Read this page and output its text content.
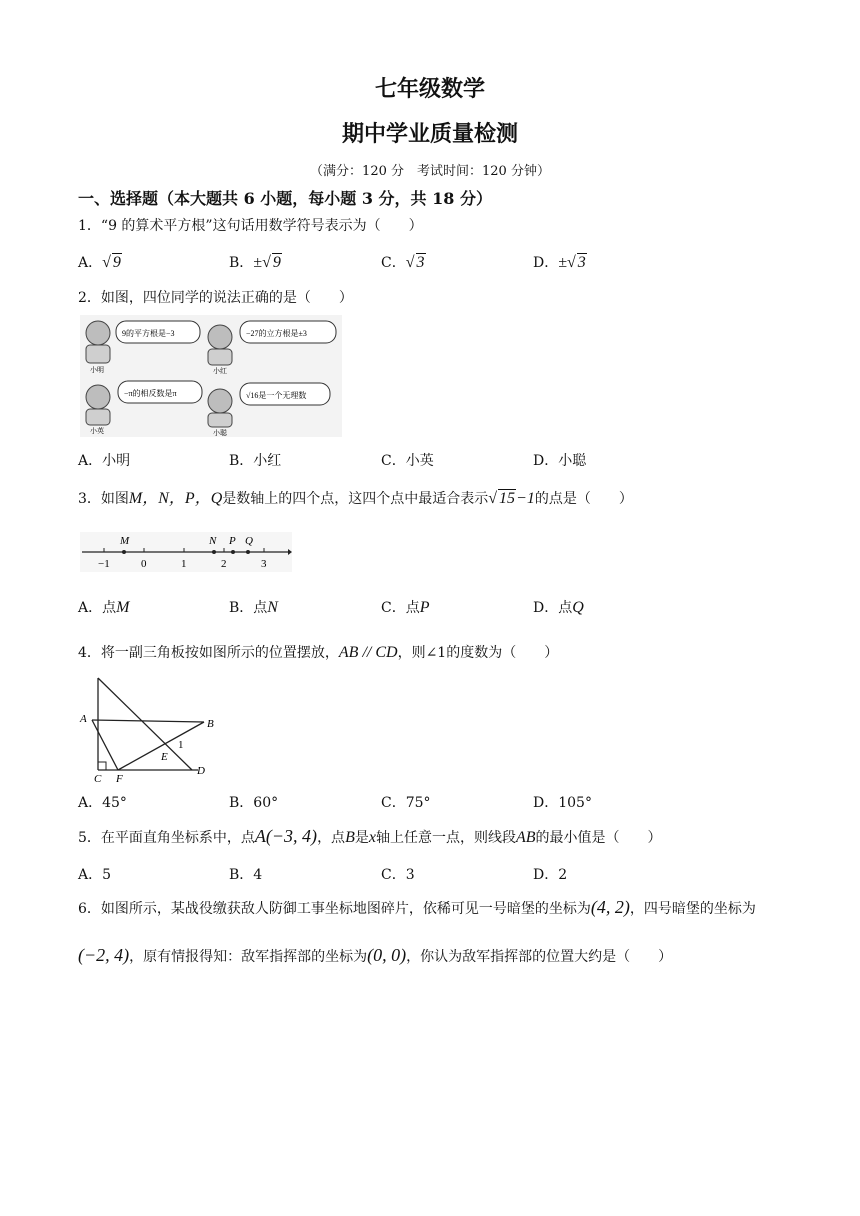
七年级数学
期中学业质量检测
（满分：120 分　考试时间：120 分钟）
一、选择题（本大题共 6 小题，每小题 3 分，共 18 分）
1．“9 的算术平方根”这句话用数学符号表示为（　　）
A．√ 9	B．±√ 9	C．√ 3	D．±√ 3
2．如图，四位同学的说法正确的是（　　）
小明
9的平方根是−3
小红
−27的立方根是±3
小英
−π的相反数是π
小聪
√16是一个无理数
A．小明	B．小红	C．小英	D．小聪
3．如图M，N，P，Q是数轴上的四个点，这四个点中最适合表示√ 15−1的点是（　　）
−1	0	1	2	3
M	N P Q
A．点M	B．点N	C．点P	D．点Q
4．将一副三角板按如图所示的位置摆放，AB // CD，则∠1的度数为（　　）
A	B
C
D
E
F
1
A．45°	B．60°	C．75°	D．105°
5．在平面直角坐标系中，点A(−3, 4)，点B是x轴上任意一点，则线段AB的最小值是（　　）
A．5	B．4	C．3	D．2
6．如图所示，某战役缴获敌人防御工事坐标地图碎片，依稀可见一号暗堡的坐标为(4, 2)，四号暗堡的坐标为(−2, 4)，原有情报得知：敌军指挥部的坐标为(0, 0)，你认为敌军指挥部的位置大约是（　　）
